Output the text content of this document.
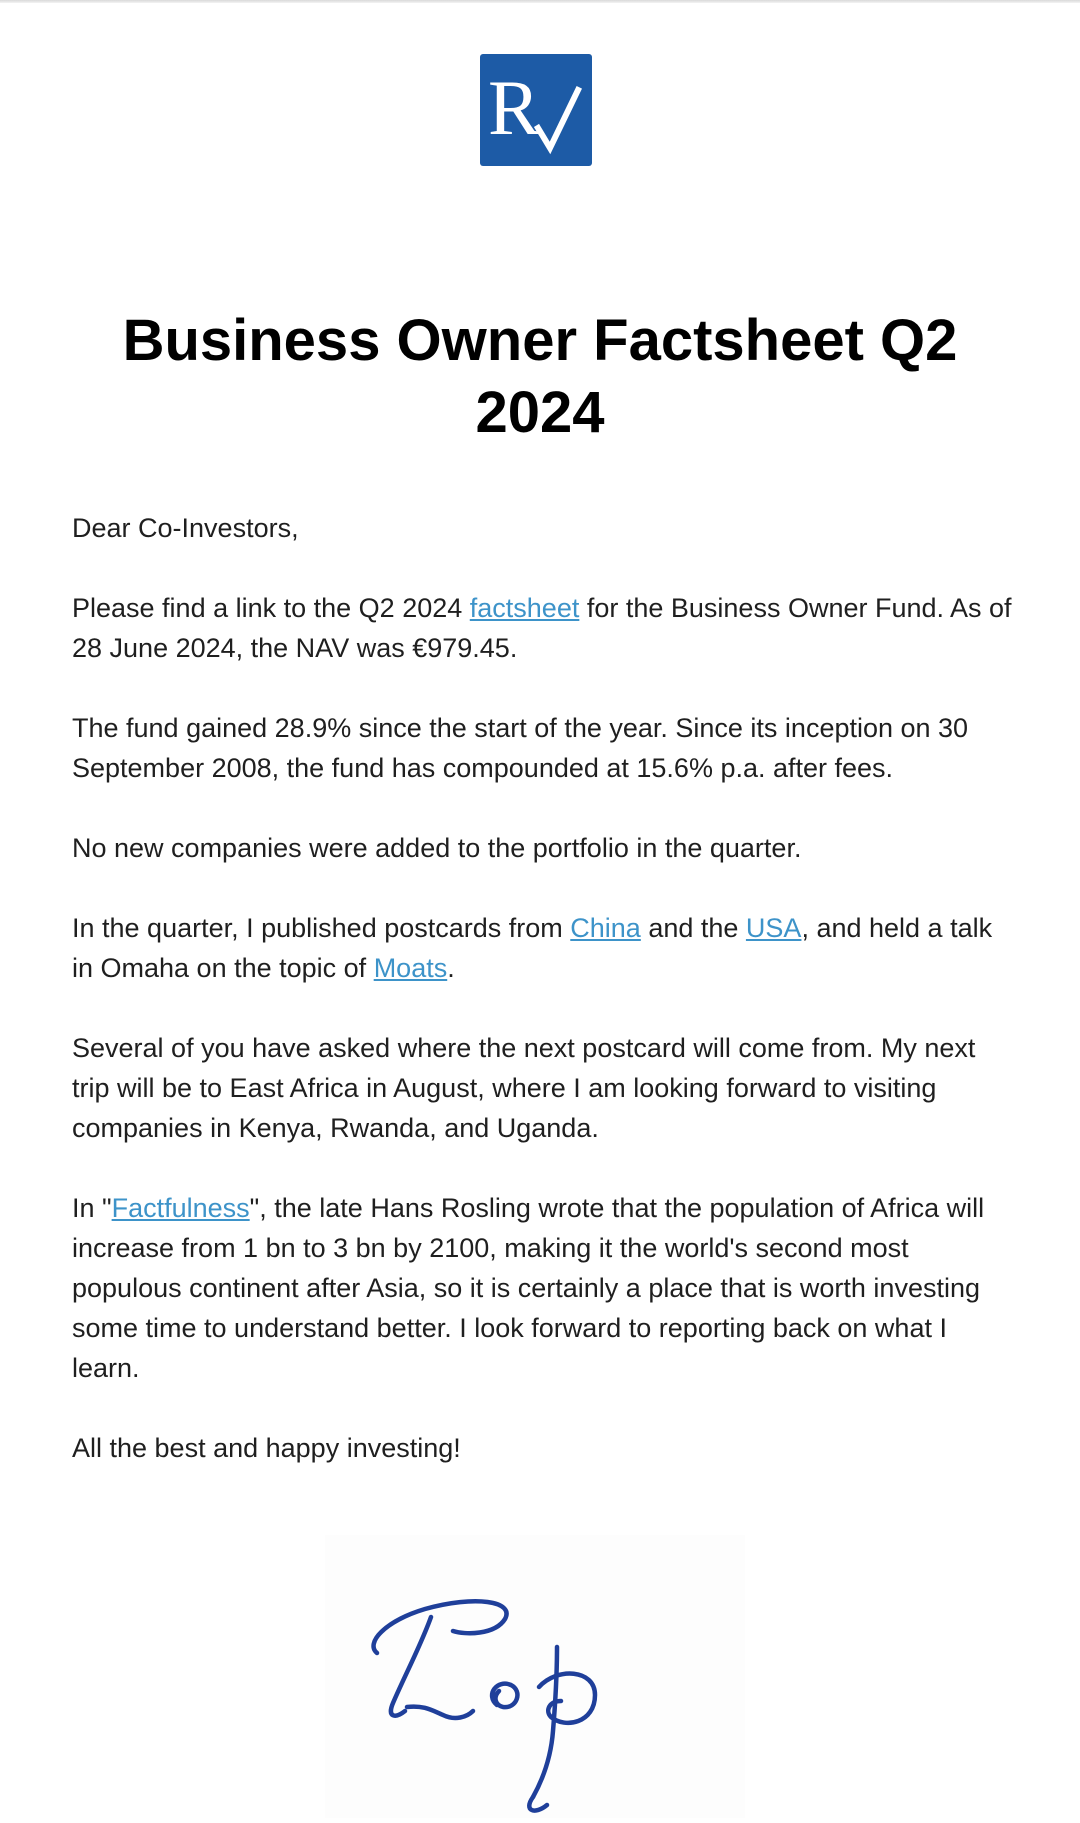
R
Business Owner Factsheet Q2 2024

Dear Co-Investors,

Please find a link to the Q2 2024 factsheet for the Business Owner Fund. As of 28 June 2024, the NAV was €979.45.

The fund gained 28.9% since the start of the year. Since its inception on 30 September 2008, the fund has compounded at 15.6% p.a. after fees.

No new companies were added to the portfolio in the quarter.

In the quarter, I published postcards from China and the USA, and held a talk in Omaha on the topic of Moats.

Several of you have asked where the next postcard will come from. My next trip will be to East Africa in August, where I am looking forward to visiting companies in Kenya, Rwanda, and Uganda.

In "Factfulness", the late Hans Rosling wrote that the population of Africa will increase from 1 bn to 3 bn by 2100, making it the world's second most populous continent after Asia, so it is certainly a place that is worth investing some time to understand better. I look forward to reporting back on what I learn.

All the best and happy investing!
